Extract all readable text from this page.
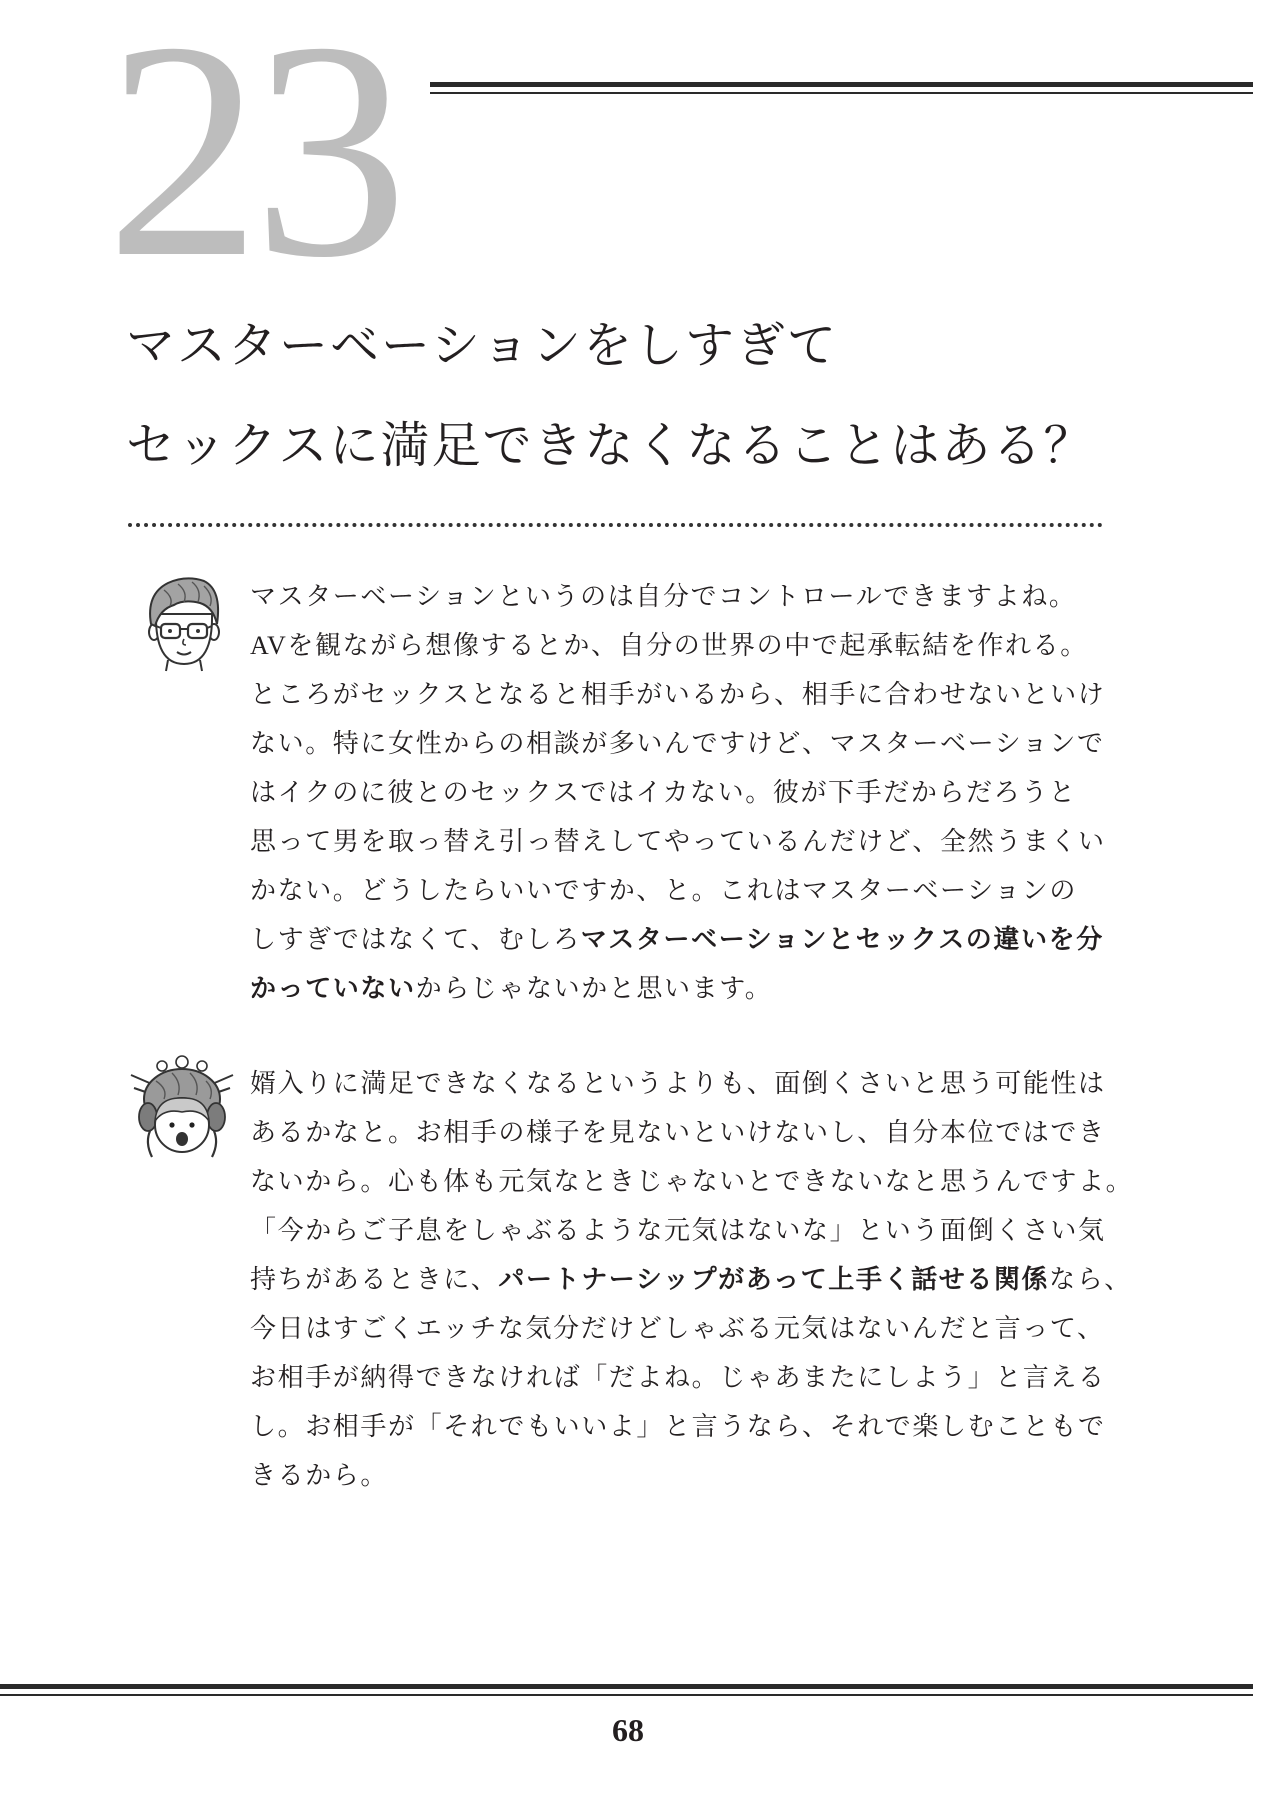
23
マスターベーションをしすぎて
セックスに満足できなくなることはある？
マスターベーションというのは自分でコントロールできますよね。
AVを観ながら想像するとか、自分の世界の中で起承転結を作れる。
ところがセックスとなると相手がいるから、相手に合わせないといけ
ない。特に女性からの相談が多いんですけど、マスターベーションで
はイクのに彼とのセックスではイカない。彼が下手だからだろうと
思って男を取っ替え引っ替えしてやっているんだけど、全然うまくい
かない。どうしたらいいですか、と。これはマスターベーションの
しすぎではなくて、むしろマスターベーションとセックスの違いを分
かっていないからじゃないかと思います。
婿入りに満足できなくなるというよりも、面倒くさいと思う可能性は
あるかなと。お相手の様子を見ないといけないし、自分本位ではでき
ないから。心も体も元気なときじゃないとできないなと思うんですよ。
「今からご子息をしゃぶるような元気はないな」という面倒くさい気
持ちがあるときに、パートナーシップがあって上手く話せる関係なら、
今日はすごくエッチな気分だけどしゃぶる元気はないんだと言って、
お相手が納得できなければ「だよね。じゃあまたにしよう」と言える
し。お相手が「それでもいいよ」と言うなら、それで楽しむこともで
きるから。
68
